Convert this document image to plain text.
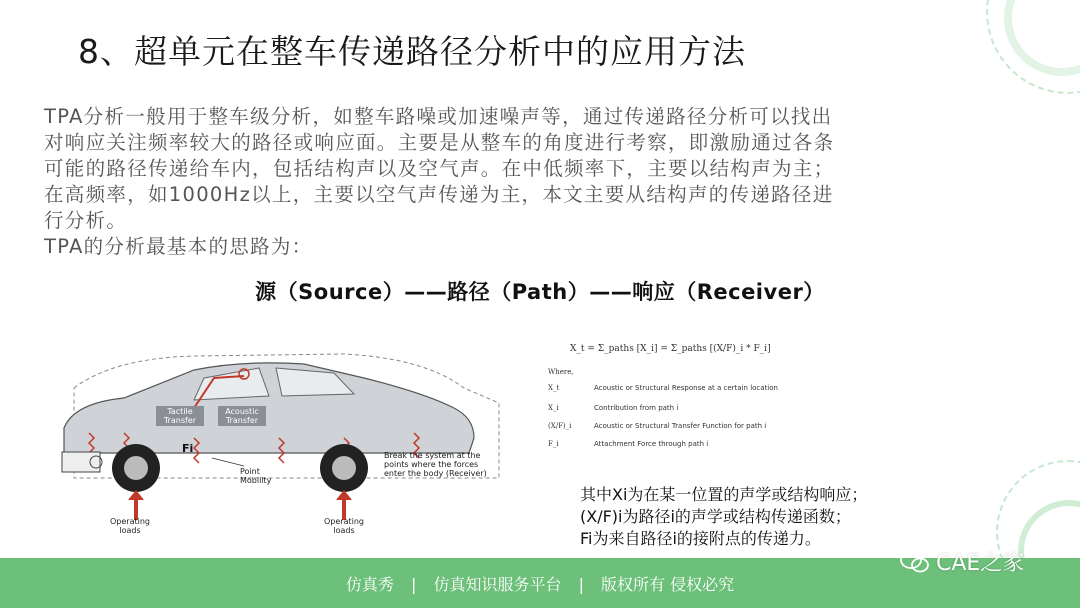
8、超单元在整车传递路径分析中的应用方法

TPA分析一般用于整车级分析，如整车路噪或加速噪声等，通过传递路径分析可以找出

对响应关注频率较大的路径或响应面。主要是从整车的角度进行考察，即激励通过各条

可能的路径传递给车内，包括结构声以及空气声。在中低频率下，主要以结构声为主；

在高频率，如1000Hz以上，主要以空气声传递为主，本文主要从结构声的传递路径进

行分析。

TPA的分析最基本的思路为：

源（Source）——路径（Path）——响应（Receiver）
Tactile
Transfer
Acoustic
Transfer
Fi
Point
Mobility
Break the system at the
points where the forces
enter the body (Receiver)
Operating
loads
Operating
loads
X_t = Σ_paths [X_i] = Σ_paths [(X/F)_i * F_i]
Where,
X_t	Acoustic or Structural Response at a certain location
X_i	Contribution from path i
(X/F)_i	Acoustic or Structural Transfer Function for path i
F_i	Attachment Force through path i
其中Xi为在某一位置的声学或结构响应；
(X/F)i为路径i的声学或结构传递函数；
Fi为来自路径i的接附点的传递力。
仿真秀 | 仿真知识服务平台 | 版权所有 侵权必究
CAE之家
